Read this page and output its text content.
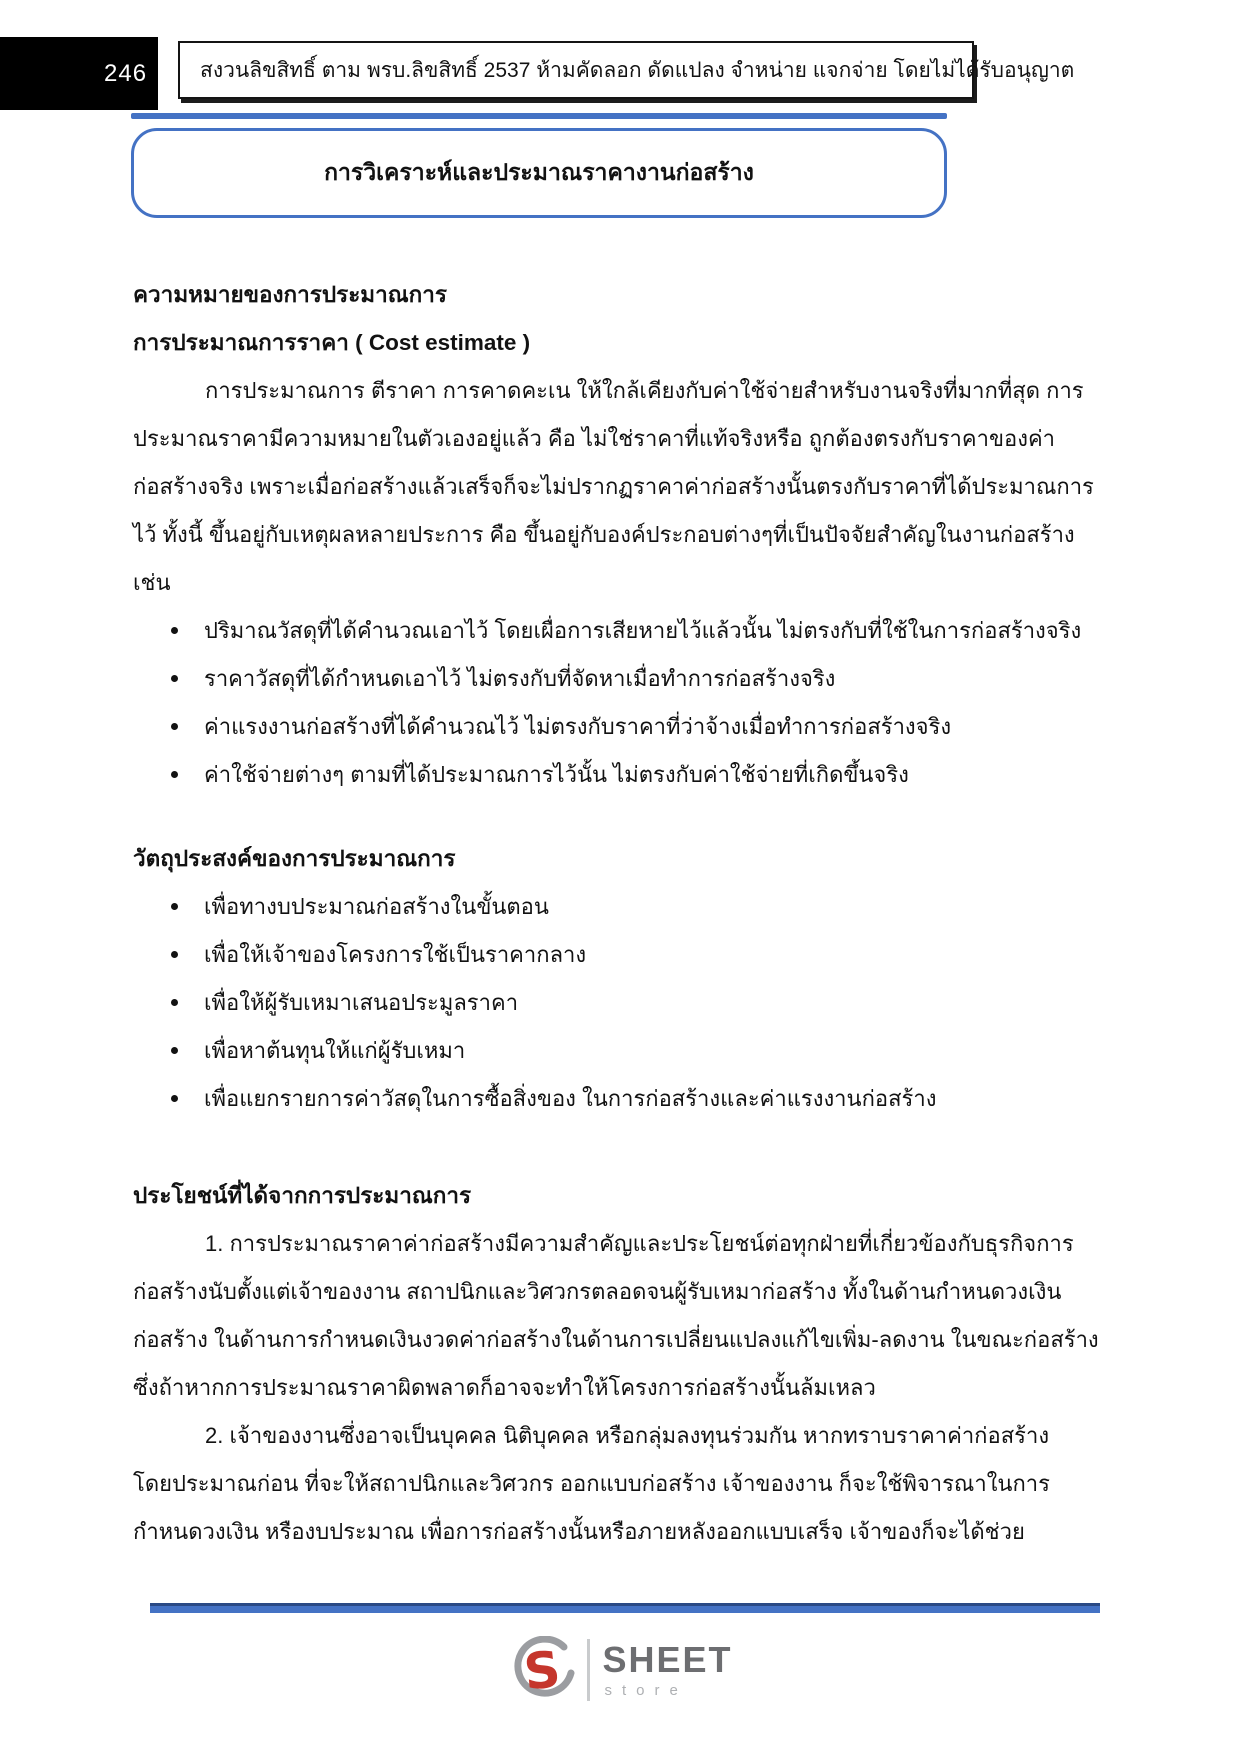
246	สงวนลิขสิทธิ์ ตาม พรบ.ลิขสิทธิ์ 2537 ห้ามคัดลอก ดัดแปลง จำหน่าย แจกจ่าย โดยไม่ได้รับอนุญาต
การวิเคราะห์และประมาณราคางานก่อสร้าง
ความหมายของการประมาณการ
การประมาณการราคา ( Cost estimate )
การประมาณการ ตีราคา การคาดคะเน ให้ใกล้เคียงกับค่าใช้จ่ายสำหรับงานจริงที่มากที่สุด การ
ประมาณราคามีความหมายในตัวเองอยู่แล้ว คือ ไม่ใช่ราคาที่แท้จริงหรือ ถูกต้องตรงกับราคาของค่า
ก่อสร้างจริง เพราะเมื่อก่อสร้างแล้วเสร็จก็จะไม่ปรากฏราคาค่าก่อสร้างนั้นตรงกับราคาที่ได้ประมาณการ
ไว้ ทั้งนี้ ขึ้นอยู่กับเหตุผลหลายประการ คือ ขึ้นอยู่กับองค์ประกอบต่างๆที่เป็นปัจจัยสำคัญในงานก่อสร้าง
เช่น
ปริมาณวัสดุที่ได้คำนวณเอาไว้ โดยเผื่อการเสียหายไว้แล้วนั้น ไม่ตรงกับที่ใช้ในการก่อสร้างจริง
ราคาวัสดุที่ได้กำหนดเอาไว้ ไม่ตรงกับที่จัดหาเมื่อทำการก่อสร้างจริง
ค่าแรงงานก่อสร้างที่ได้คำนวณไว้ ไม่ตรงกับราคาที่ว่าจ้างเมื่อทำการก่อสร้างจริง
ค่าใช้จ่ายต่างๆ ตามที่ได้ประมาณการไว้นั้น ไม่ตรงกับค่าใช้จ่ายที่เกิดขึ้นจริง
วัตถุประสงค์ของการประมาณการ
เพื่อทางบประมาณก่อสร้างในขั้นตอน
เพื่อให้เจ้าของโครงการใช้เป็นราคากลาง
เพื่อให้ผู้รับเหมาเสนอประมูลราคา
เพื่อหาต้นทุนให้แก่ผู้รับเหมา
เพื่อแยกรายการค่าวัสดุในการซื้อสิ่งของ ในการก่อสร้างและค่าแรงงานก่อสร้าง
ประโยชน์ที่ได้จากการประมาณการ
1. การประมาณราคาค่าก่อสร้างมีความสำคัญและประโยชน์ต่อทุกฝ่ายที่เกี่ยวข้องกับธุรกิจการ
ก่อสร้างนับตั้งแต่เจ้าของงาน สถาปนิกและวิศวกรตลอดจนผู้รับเหมาก่อสร้าง ทั้งในด้านกำหนดวงเงิน
ก่อสร้าง ในด้านการกำหนดเงินงวดค่าก่อสร้างในด้านการเปลี่ยนแปลงแก้ไขเพิ่ม-ลดงาน ในขณะก่อสร้าง
ซึ่งถ้าหากการประมาณราคาผิดพลาดก็อาจจะทำให้โครงการก่อสร้างนั้นล้มเหลว
2. เจ้าของงานซึ่งอาจเป็นบุคคล นิติบุคคล หรือกลุ่มลงทุนร่วมกัน หากทราบราคาค่าก่อสร้าง
โดยประมาณก่อน ที่จะให้สถาปนิกและวิศวกร ออกแบบก่อสร้าง เจ้าของงาน ก็จะใช้พิจารณาในการ
กำหนดวงเงิน หรืองบประมาณ เพื่อการก่อสร้างนั้นหรือภายหลังออกแบบเสร็จ เจ้าของก็จะได้ช่วย
S SHEET
store
